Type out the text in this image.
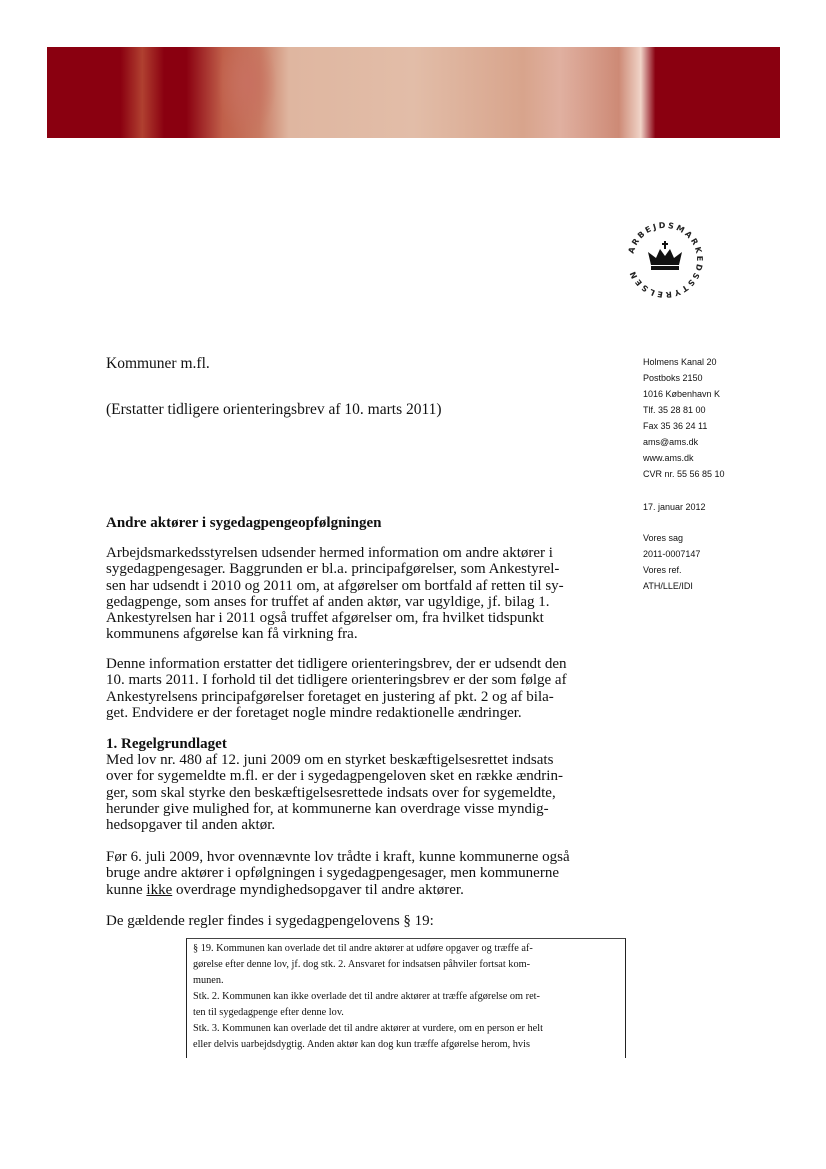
ARBEJDSMARKEDSSTYRELSEN
Kommuner m.fl.
(Erstatter tidligere orienteringsbrev af 10. marts 2011)
Holmens Kanal 20
Postboks 2150
1016 København K
Tlf. 35 28 81 00
Fax 35 36 24 11
ams@ams.dk
www.ams.dk
CVR nr. 55 56 85 10
17. januar 2012
Vores sag
2011-0007147
Vores ref.
ATH/LLE/IDI
Andre aktører i sygedagpengeopfølgningen
Arbejdsmarkedsstyrelsen udsender hermed information om andre aktører i
sygedagpengesager. Baggrunden er bl.a. principafgørelser, som Ankestyrel-
sen har udsendt i 2010 og 2011 om, at afgørelser om bortfald af retten til sy-
gedagpenge, som anses for truffet af anden aktør, var ugyldige, jf. bilag 1.
Ankestyrelsen har i 2011 også truffet afgørelser om, fra hvilket tidspunkt
kommunens afgørelse kan få virkning fra.
Denne information erstatter det tidligere orienteringsbrev, der er udsendt den
10. marts 2011. I forhold til det tidligere orienteringsbrev er der som følge af
Ankestyrelsens principafgørelser foretaget en justering af pkt. 2 og af bila-
get. Endvidere er der foretaget nogle mindre redaktionelle ændringer.
1. Regelgrundlaget
Med lov nr. 480 af 12. juni 2009 om en styrket beskæftigelsesrettet indsats
over for sygemeldte m.fl. er der i sygedagpengeloven sket en række ændrin-
ger, som skal styrke den beskæftigelsesrettede indsats over for sygemeldte,
herunder give mulighed for, at kommunerne kan overdrage visse myndig-
hedsopgaver til anden aktør.
Før 6. juli 2009, hvor ovennævnte lov trådte i kraft, kunne kommunerne også
bruge andre aktører i opfølgningen i sygedagpengesager, men kommunerne
kunne ikke overdrage myndighedsopgaver til andre aktører.
De gældende regler findes i sygedagpengelovens § 19:
§ 19. Kommunen kan overlade det til andre aktører at udføre opgaver og træffe af-
gørelse efter denne lov, jf. dog stk. 2. Ansvaret for indsatsen påhviler fortsat kom-
munen.
Stk. 2. Kommunen kan ikke overlade det til andre aktører at træffe afgørelse om ret-
ten til sygedagpenge efter denne lov.
Stk. 3. Kommunen kan overlade det til andre aktører at vurdere, om en person er helt
eller delvis uarbejdsdygtig. Anden aktør kan dog kun træffe afgørelse herom, hvis
